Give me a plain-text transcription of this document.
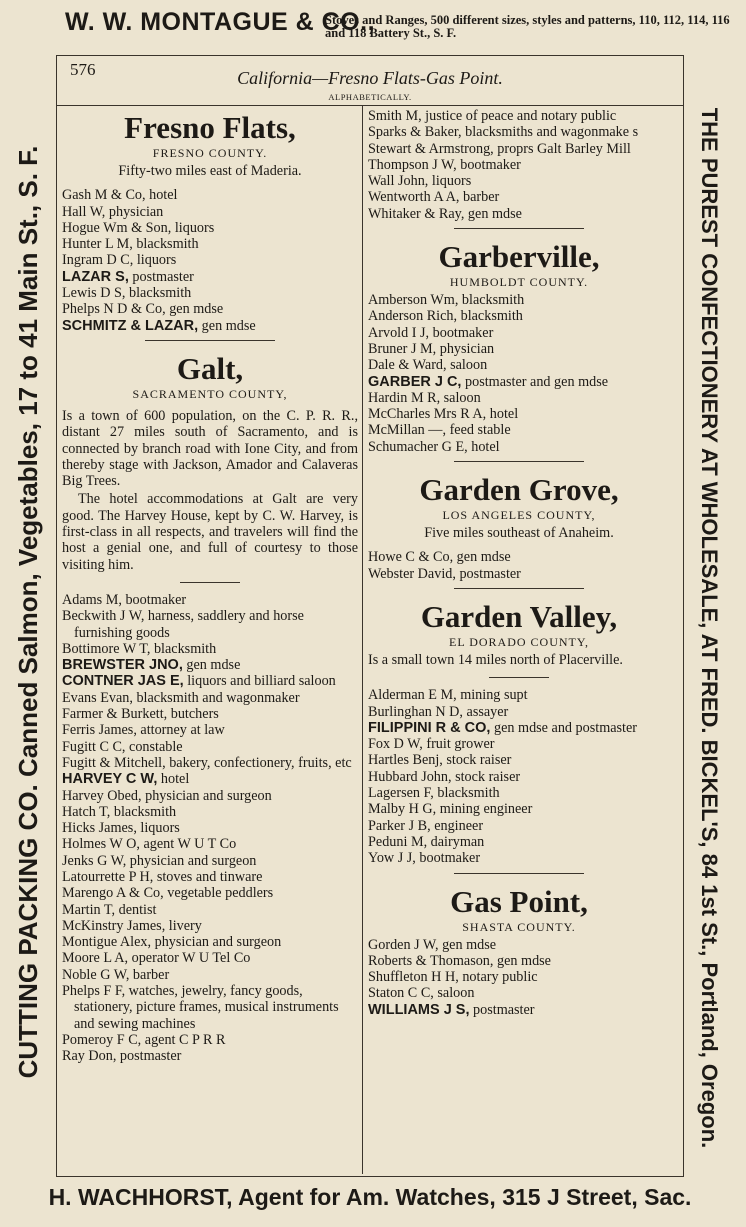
W. W. MONTAGUE & CO.,
Stoves and Ranges, 500 different sizes, styles and patterns, 110, 112, 114, 116 and 118 Battery St., S. F.
CUTTING PACKING CO. Canned Salmon, Vegetables, 17 to 41 Main St., S. F.	THE PUREST CONFECTIONERY AT WHOLESALE, AT FRED. BICKEL'S, 84 1st St., Portland, Oregon.
H. WACHHORST, Agent for Am. Watches, 315 J Street, Sac.
576	California—Fresno Flats-Gas Point.
ALPHABETICALLY.
Fresno Flats,
FRESNO COUNTY.
Fifty-two miles east of Maderia.

Gash M & Co, hotel

Hall W, physician

Hogue Wm & Son, liquors

Hunter L M, blacksmith

Ingram D C, liquors

LAZAR S, postmaster

Lewis D S, blacksmith

Phelps N D & Co, gen mdse

SCHMITZ & LAZAR, gen mdse

Galt,
SACRAMENTO COUNTY,

Is a town of 600 population, on the C. P. R. R., distant 27 miles south of Sacramento, and is connected by branch road with Ione City, and from thereby stage with Jackson, Amador and Calaveras Big Trees.

The hotel accommodations at Galt are very good. The Harvey House, kept by C. W. Harvey, is first-class in all respects, and travelers will find the host a genial one, and full of courtesy to those visiting him.

Adams M, bootmaker

Beckwith J W, harness, saddlery and horse furnishing goods

Bottimore W T, blacksmith

BREWSTER JNO, gen mdse

CONTNER JAS E, liquors and billiard saloon

Evans Evan, blacksmith and wagonmaker

Farmer & Burkett, butchers

Ferris James, attorney at law

Fugitt C C, constable

Fugitt & Mitchell, bakery, confectionery, fruits, etc

HARVEY C W, hotel

Harvey Obed, physician and surgeon

Hatch T, blacksmith

Hicks James, liquors

Holmes W O, agent W U T Co

Jenks G W, physician and surgeon

Latourrette P H, stoves and tinware

Marengo A & Co, vegetable peddlers

Martin T, dentist

McKinstry James, livery

Montigue Alex, physician and surgeon

Moore L A, operator W U Tel Co

Noble G W, barber

Phelps F F, watches, jewelry, fancy goods, stationery, picture frames, musical instruments and sewing machines

Pomeroy F C, agent C P R R

Ray Don, postmaster

Smith M, justice of peace and notary public

Sparks & Baker, blacksmiths and wagonmake s

Stewart & Armstrong, proprs Galt Barley Mill

Thompson J W, bootmaker

Wall John, liquors

Wentworth A A, barber

Whitaker & Ray, gen mdse

Garberville,
HUMBOLDT COUNTY.

Amberson Wm, blacksmith

Anderson Rich, blacksmith

Arvold I J, bootmaker

Bruner J M, physician

Dale & Ward, saloon

GARBER J C, postmaster and gen mdse

Hardin M R, saloon

McCharles Mrs R A, hotel

McMillan —, feed stable

Schumacher G E, hotel

Garden Grove,
LOS ANGELES COUNTY,
Five miles southeast of Anaheim.

Howe C & Co, gen mdse

Webster David, postmaster

Garden Valley,
EL DORADO COUNTY,

Is a small town 14 miles north of Placerville.

Alderman E M, mining supt

Burlinghan N D, assayer

FILIPPINI R & CO, gen mdse and postmaster

Fox D W, fruit grower

Hartles Benj, stock raiser

Hubbard John, stock raiser

Lagersen F, blacksmith

Malby H G, mining engineer

Parker J B, engineer

Peduni M, dairyman

Yow J J, bootmaker

Gas Point,
SHASTA COUNTY.

Gorden J W, gen mdse

Roberts & Thomason, gen mdse

Shuffleton H H, notary public

Staton C C, saloon

WILLIAMS J S, postmaster
